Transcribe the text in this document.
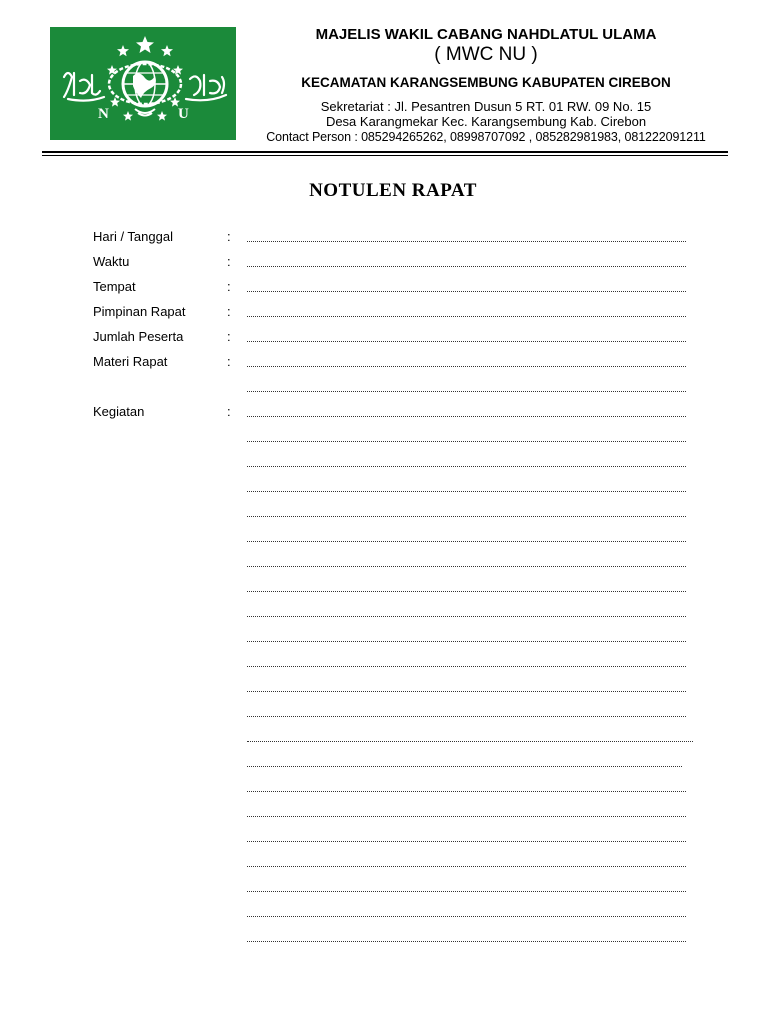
N	U
MAJELIS WAKIL CABANG NAHDLATUL ULAMA
( MWC NU )
KECAMATAN KARANGSEMBUNG KABUPATEN CIREBON
Sekretariat : Jl. Pesantren Dusun 5 RT. 01 RW. 09 No. 15
Desa Karangmekar Kec. Karangsembung Kab. Cirebon
Contact Person : 085294265262, 08998707092 , 085282981983, 081222091211
NOTULEN RAPAT
Hari / Tanggal	:
Waktu	:
Tempat	:
Pimpinan Rapat	:
Jumlah Peserta	:
Materi Rapat	:
Kegiatan	:
